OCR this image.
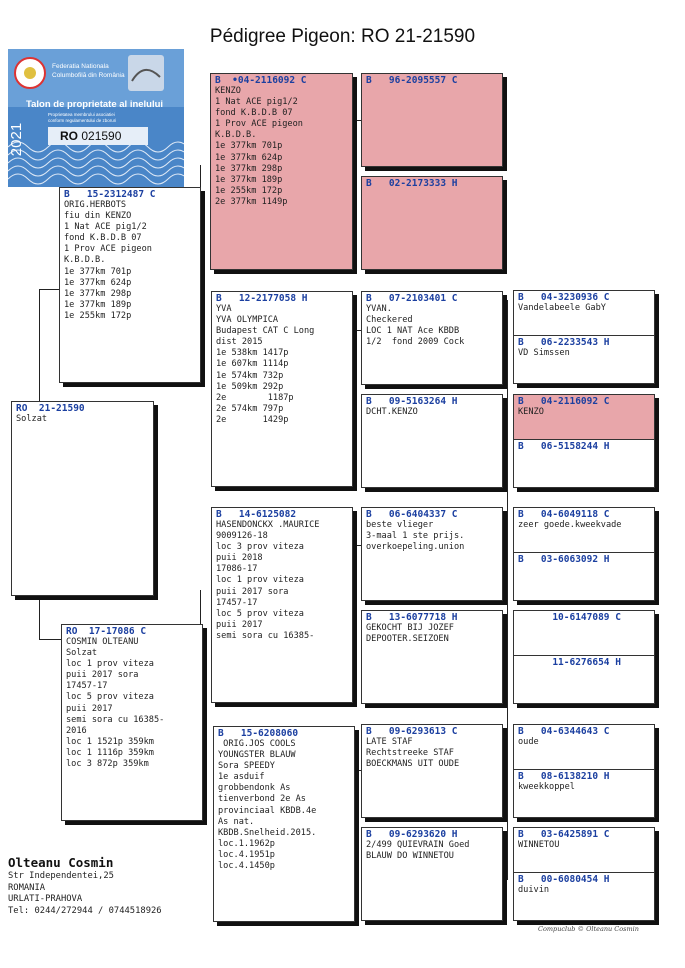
Pédigree Pigeon: RO 21-21590
Federatia Nationala
Columbofilă din România
Talon de proprietate al inelului
Proprietatea membrului asociatiei
conform regulamentului de zboruri
RO 021590
2021
RO  21-21590
Solzat
B   15-2312487 C
ORIG.HERBOTS
fiu din KENZO
1 Nat ACE pig1/2
fond K.B.D.B 07
1 Prov ACE pigeon
K.B.D.B.
1e 377km 701p
1e 377km 624p
1e 377km 298p
1e 377km 189p
1e 255km 172p
RO  17-17086 C
COSMIN OLTEANU
Solzat
loc 1 prov viteza
puii 2017 sora
17457-17
loc 5 prov viteza
puii 2017
semi sora cu 16385-
2016
loc 1 1521p 359km
loc 1 1116p 359km
loc 3 872p 359km
B  •04-2116092 C
KENZO
1 Nat ACE pig1/2
fond K.B.D.B 07
1 Prov ACE pigeon
K.B.D.B.
1e 377km 701p
1e 377km 624p
1e 377km 298p
1e 377km 189p
1e 255km 172p
2e 377km 1149p
B   12-2177058 H
YVA
YVA OLYMPICA
Budapest CAT C Long
dist 2015
1e 538km 1417p
1e 607km 1114p
1e 574km 732p
1e 509km 292p
2e        1187p
2e 574km 797p
2e       1429p
B   14-6125082
HASENDONCKX .MAURICE
9009126-18
loc 3 prov viteza
puii 2018
17086-17
loc 1 prov viteza
puii 2017 sora
17457-17
loc 5 prov viteza
puii 2017
semi sora cu 16385-
B   15-6208060
ORIG.JOS COOLS
YOUNGSTER BLAUW
Sora SPEEDY
1e asduif
grobbendonk As
tienverbond 2e As
provinciaal KBDB.4e
As nat.
KBDB.Snelheid.2015.
loc.1.1962p
loc.4.1951p
loc.4.1450p
B   96-2095557 C
B   02-2173333 H
B   07-2103401 C
YVAN.
Checkered
LOC 1 NAT Ace KBDB
1/2  fond 2009 Cock
B   09-5163264 H
DCHT.KENZO
B   06-6404337 C
beste vlieger
3-maal 1 ste prijs.
overkoepeling.union
B   13-6077718 H
GEKOCHT BIJ JOZEF
DEPOOTER.SEIZOEN
B   09-6293613 C
LATE STAF
Rechtstreeke STAF
BOECKMANS UIT OUDE
B   09-6293620 H
2/499 QUIEVRAIN Goed
BLAUW DO WINNETOU
B   04-3230936 C
Vandelabeele GabY
B   06-2233543 H
VD Simssen
B   04-2116092 C
KENZO
B   06-5158244 H
B   04-6049118 C
zeer goede.kweekvade
B   03-6063092 H
10-6147089 C
11-6276654 H
B   04-6344643 C
oude
B   08-6138210 H
kweekkoppel
B   03-6425891 C
WINNETOU
B   00-6080454 H
duivin
Olteanu Cosmin
Str Independentei,25
ROMANIA
URLATI-PRAHOVA
Tel: 0244/272944 / 0744518926
Compuclub © Olteanu Cosmin
